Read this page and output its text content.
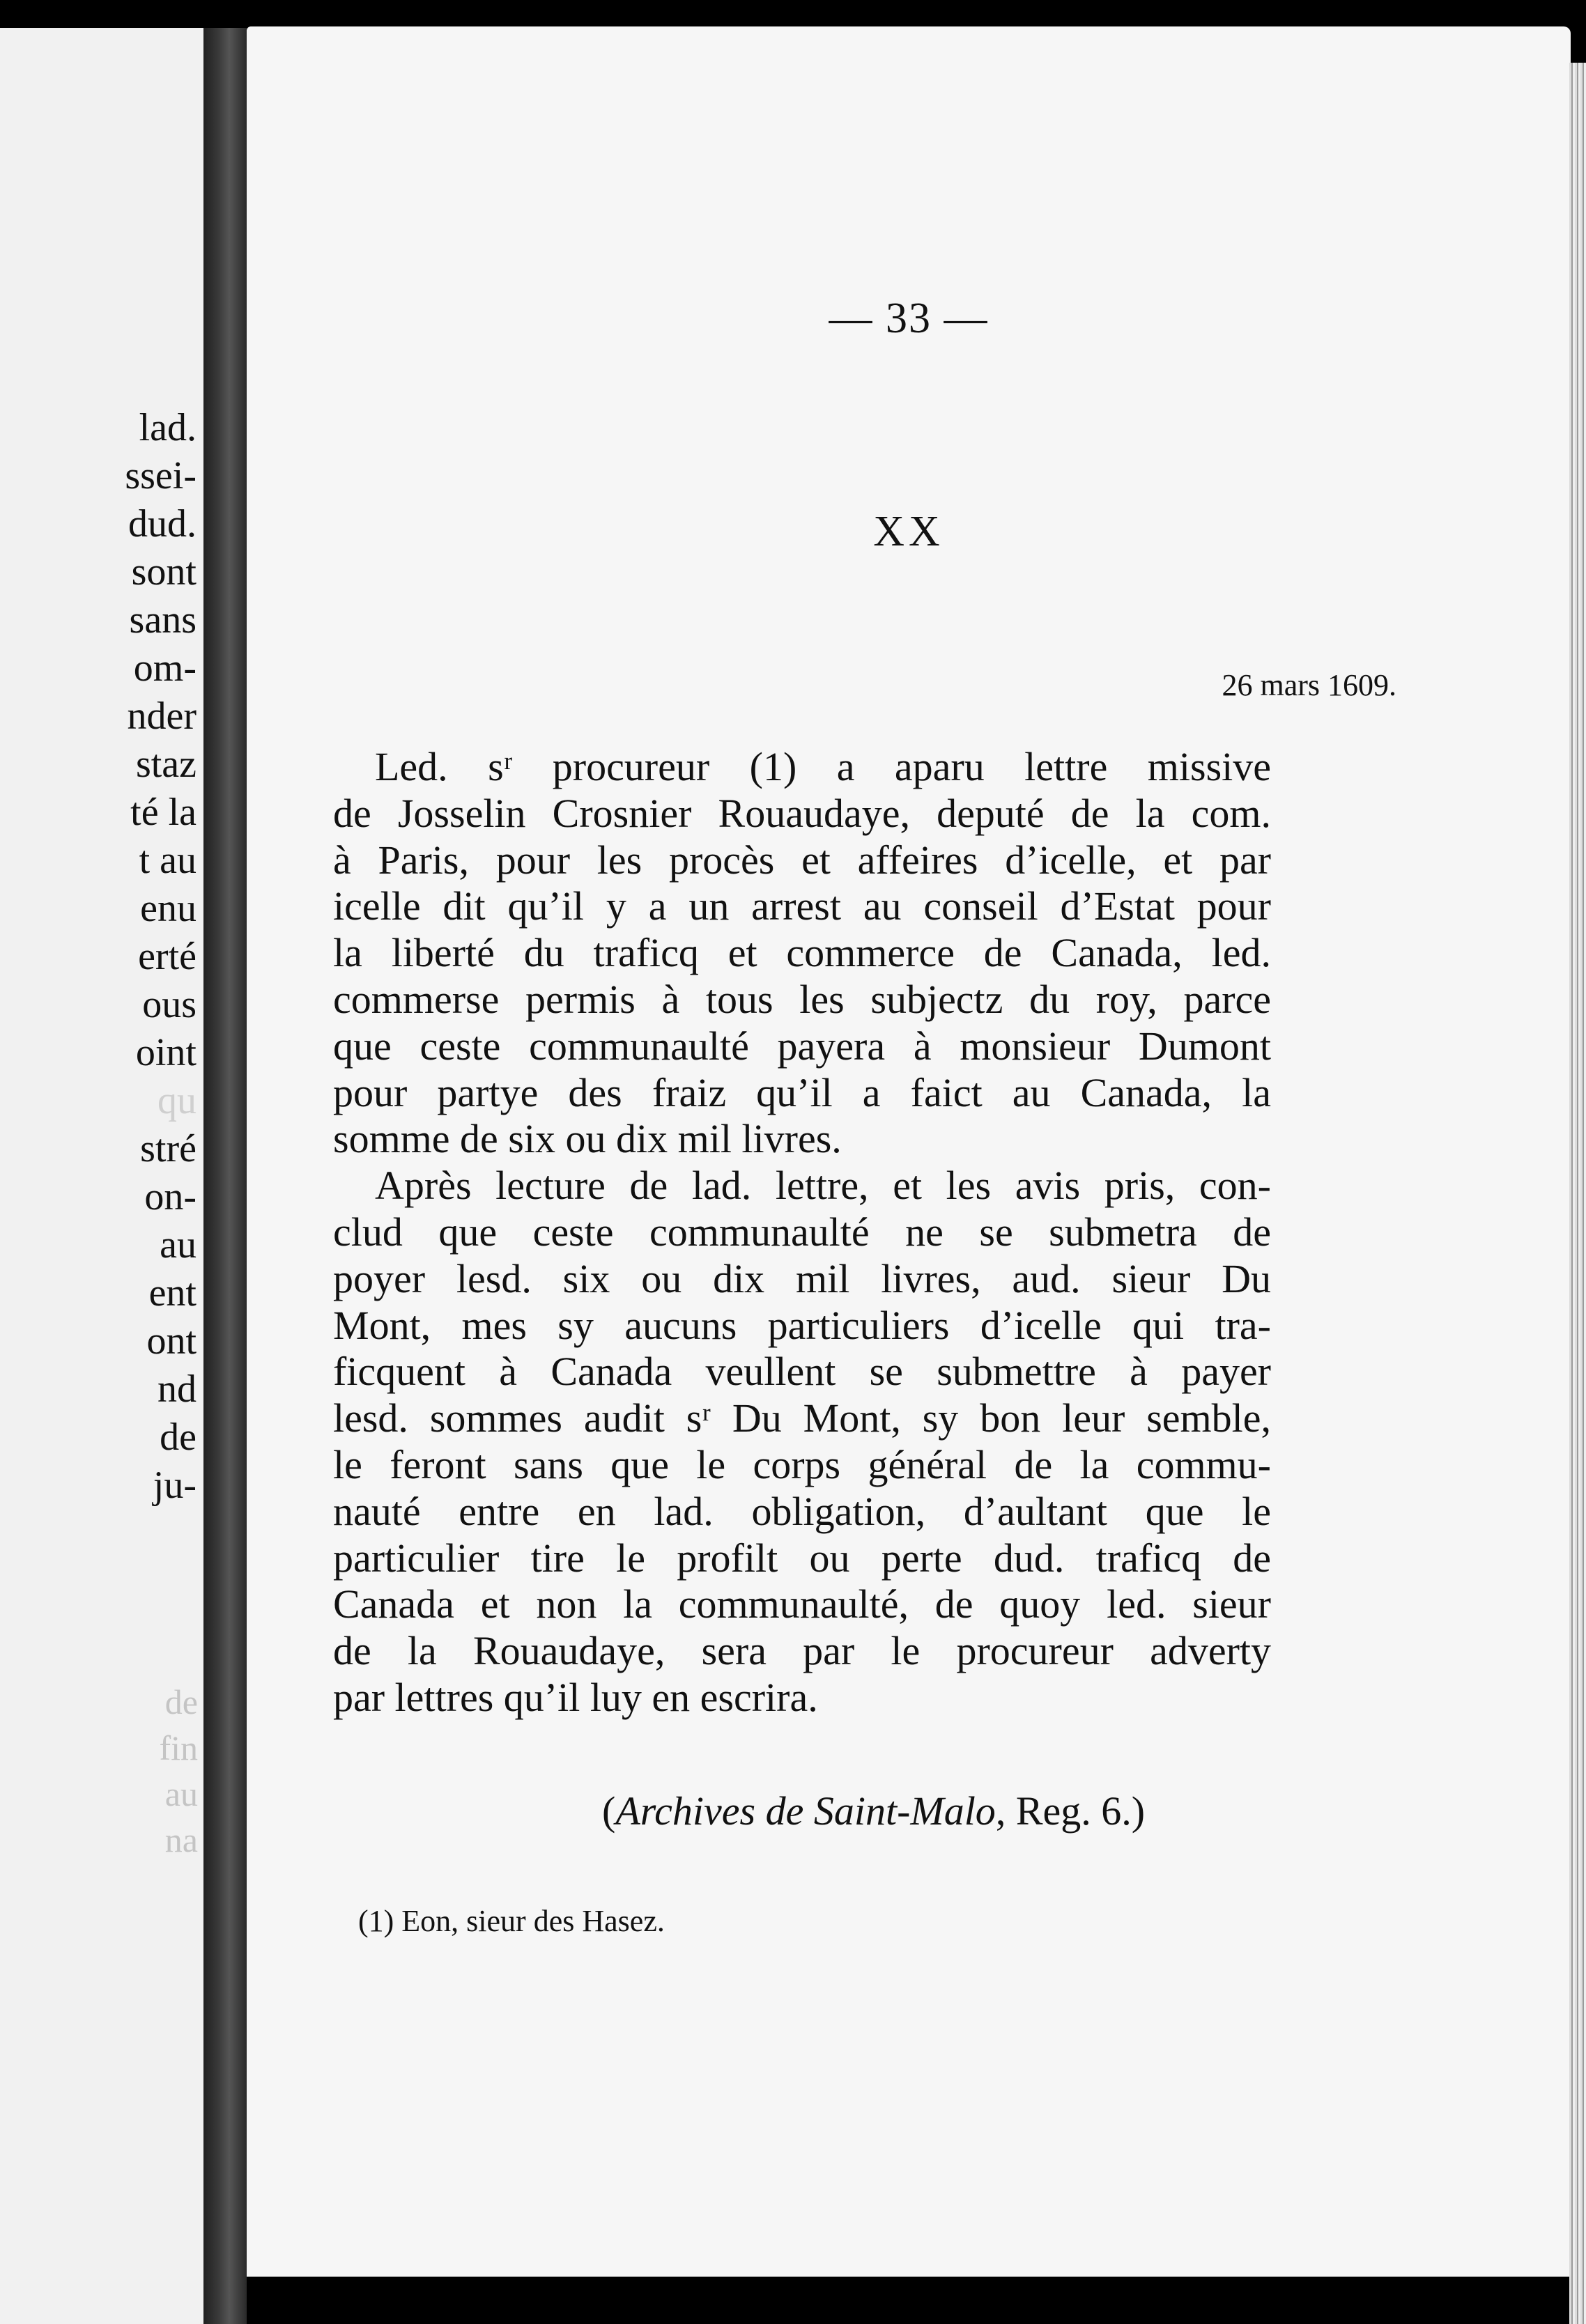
lad.
ssei-
dud.
sont
sans
om-
nder
staz
té la
t au
enu
erté
ous
oint
qu
stré
on-
au
ent
ont
nd
de
ju-
de
fin
au
na
— 33 —
XX
26 mars 1609.
Led. sʳ procureur (1) a aparu lettre missive
de Josselin Crosnier Rouaudaye, deputé de la com.
à Paris, pour les procès et affeires d’icelle, et par
icelle dit qu’il y a un arrest au conseil d’Estat pour
la liberté du traficq et commerce de Canada, led.
commerse permis à tous les subjectz du roy, parce
que ceste communaulté payera à monsieur Dumont
pour partye des fraiz qu’il a faict au Canada, la
somme de six ou dix mil livres.
Après lecture de lad. lettre, et les avis pris, con-
clud que ceste communaulté ne se submetra de
poyer lesd. six ou dix mil livres, aud. sieur Du
Mont, mes sy aucuns particuliers d’icelle qui tra-
ficquent à Canada veullent se submettre à payer
lesd. sommes audit sʳ Du Mont, sy bon leur semble,
le feront sans que le corps général de la commu-
nauté entre en lad. obligation, d’aultant que le
particulier tire le profilt ou perte dud. traficq de
Canada et non la communaulté, de quoy led. sieur
de la Rouaudaye, sera par le procureur adverty
par lettres qu’il luy en escrira.
(Archives de Saint-Malo, Reg. 6.)
(1) Eon, sieur des Hasez.
